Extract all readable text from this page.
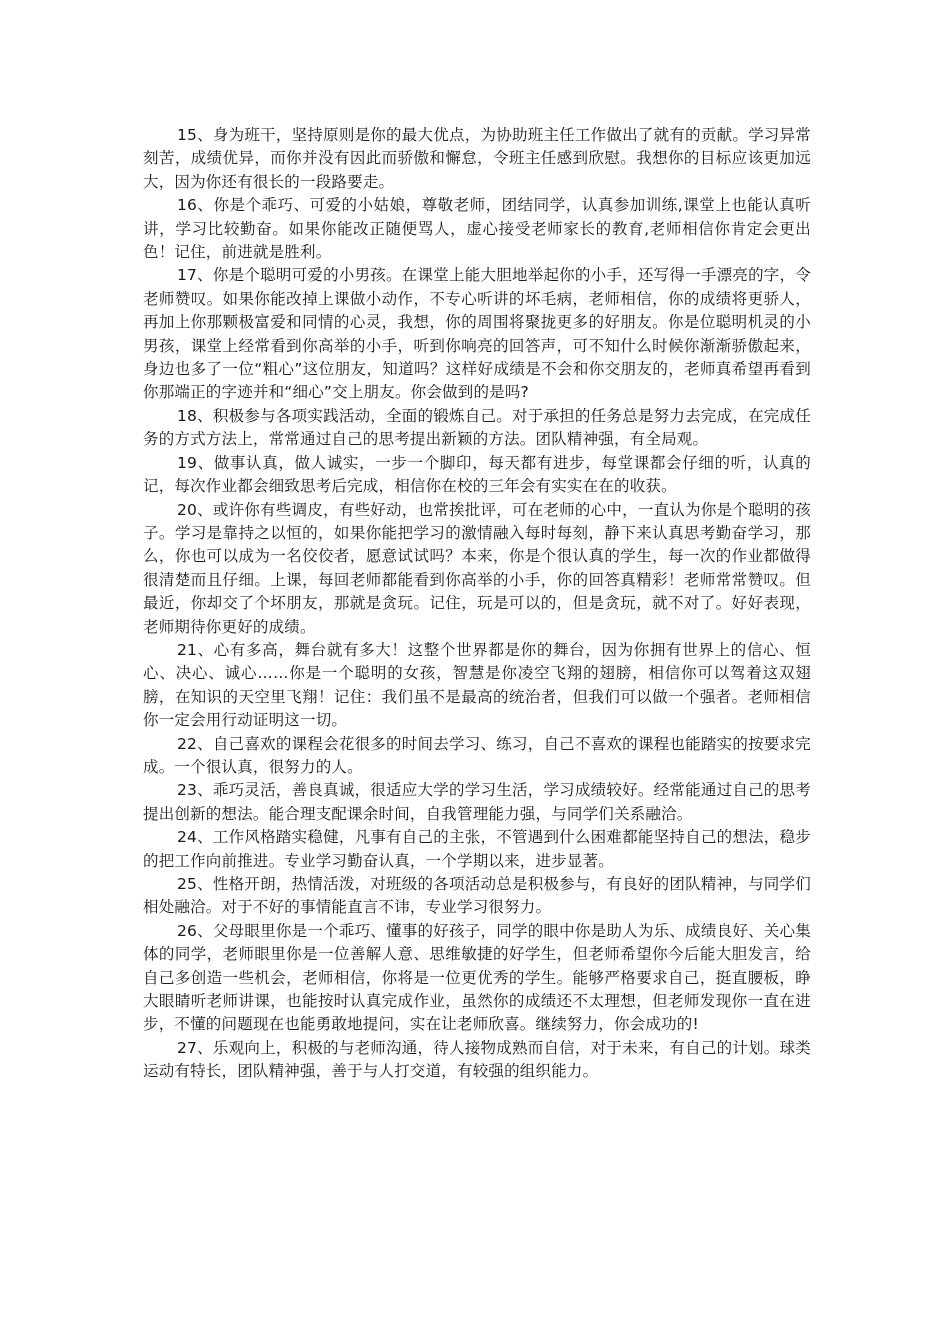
15、身为班干，坚持原则是你的最大优点，为协助班主任工作做出了就有的贡献。学习异常刻苦，成绩优异，而你并没有因此而骄傲和懈怠，令班主任感到欣慰。我想你的目标应该更加远大，因为你还有很长的一段路要走。

16、你是个乖巧、可爱的小姑娘，尊敬老师，团结同学，认真参加训练,课堂上也能认真听讲，学习比较勤奋。如果你能改正随便骂人，虚心接受老师家长的教育,老师相信你肯定会更出色！记住，前进就是胜利。

17、你是个聪明可爱的小男孩。在课堂上能大胆地举起你的小手，还写得一手漂亮的字，令老师赞叹。如果你能改掉上课做小动作，不专心听讲的坏毛病，老师相信，你的成绩将更骄人，再加上你那颗极富爱和同情的心灵，我想，你的周围将聚拢更多的好朋友。你是位聪明机灵的小男孩，课堂上经常看到你高举的小手，听到你响亮的回答声，可不知什么时候你渐渐骄傲起来，身边也多了一位“粗心”这位朋友，知道吗？这样好成绩是不会和你交朋友的，老师真希望再看到你那端正的字迹并和“细心”交上朋友。你会做到的是吗?

18、积极参与各项实践活动，全面的锻炼自己。对于承担的任务总是努力去完成，在完成任务的方式方法上，常常通过自己的思考提出新颖的方法。团队精神强，有全局观。

19、做事认真，做人诚实，一步一个脚印，每天都有进步，每堂课都会仔细的听，认真的记，每次作业都会细致思考后完成，相信你在校的三年会有实实在在的收获。

20、或许你有些调皮，有些好动，也常挨批评，可在老师的心中，一直认为你是个聪明的孩子。学习是靠持之以恒的，如果你能把学习的激情融入每时每刻，静下来认真思考勤奋学习，那么，你也可以成为一名佼佼者，愿意试试吗？本来，你是个很认真的学生，每一次的作业都做得很清楚而且仔细。上课，每回老师都能看到你高举的小手，你的回答真精彩！老师常常赞叹。但最近，你却交了个坏朋友，那就是贪玩。记住，玩是可以的，但是贪玩，就不对了。好好表现，老师期待你更好的成绩。

21、心有多高，舞台就有多大！这整个世界都是你的舞台，因为你拥有世界上的信心、恒心、决心、诚心……你是一个聪明的女孩，智慧是你凌空飞翔的翅膀，相信你可以驾着这双翅膀，在知识的天空里飞翔！记住：我们虽不是最高的统治者，但我们可以做一个强者。老师相信你一定会用行动证明这一切。

22、自己喜欢的课程会花很多的时间去学习、练习，自己不喜欢的课程也能踏实的按要求完成。一个很认真，很努力的人。

23、乖巧灵活，善良真诚，很适应大学的学习生活，学习成绩较好。经常能通过自己的思考提出创新的想法。能合理支配课余时间，自我管理能力强，与同学们关系融洽。

24、工作风格踏实稳健，凡事有自己的主张，不管遇到什么困难都能坚持自己的想法，稳步的把工作向前推进。专业学习勤奋认真，一个学期以来，进步显著。

25、性格开朗，热情活泼，对班级的各项活动总是积极参与，有良好的团队精神，与同学们相处融洽。对于不好的事情能直言不讳，专业学习很努力。

26、父母眼里你是一个乖巧、懂事的好孩子，同学的眼中你是助人为乐、成绩良好、关心集体的同学，老师眼里你是一位善解人意、思维敏捷的好学生，但老师希望你今后能大胆发言，给自己多创造一些机会，老师相信，你将是一位更优秀的学生。能够严格要求自己，挺直腰板，睁大眼睛听老师讲课，也能按时认真完成作业，虽然你的成绩还不太理想，但老师发现你一直在进步，不懂的问题现在也能勇敢地提问，实在让老师欣喜。继续努力，你会成功的!

27、乐观向上，积极的与老师沟通，待人接物成熟而自信，对于未来，有自己的计划。球类运动有特长，团队精神强，善于与人打交道，有较强的组织能力。
